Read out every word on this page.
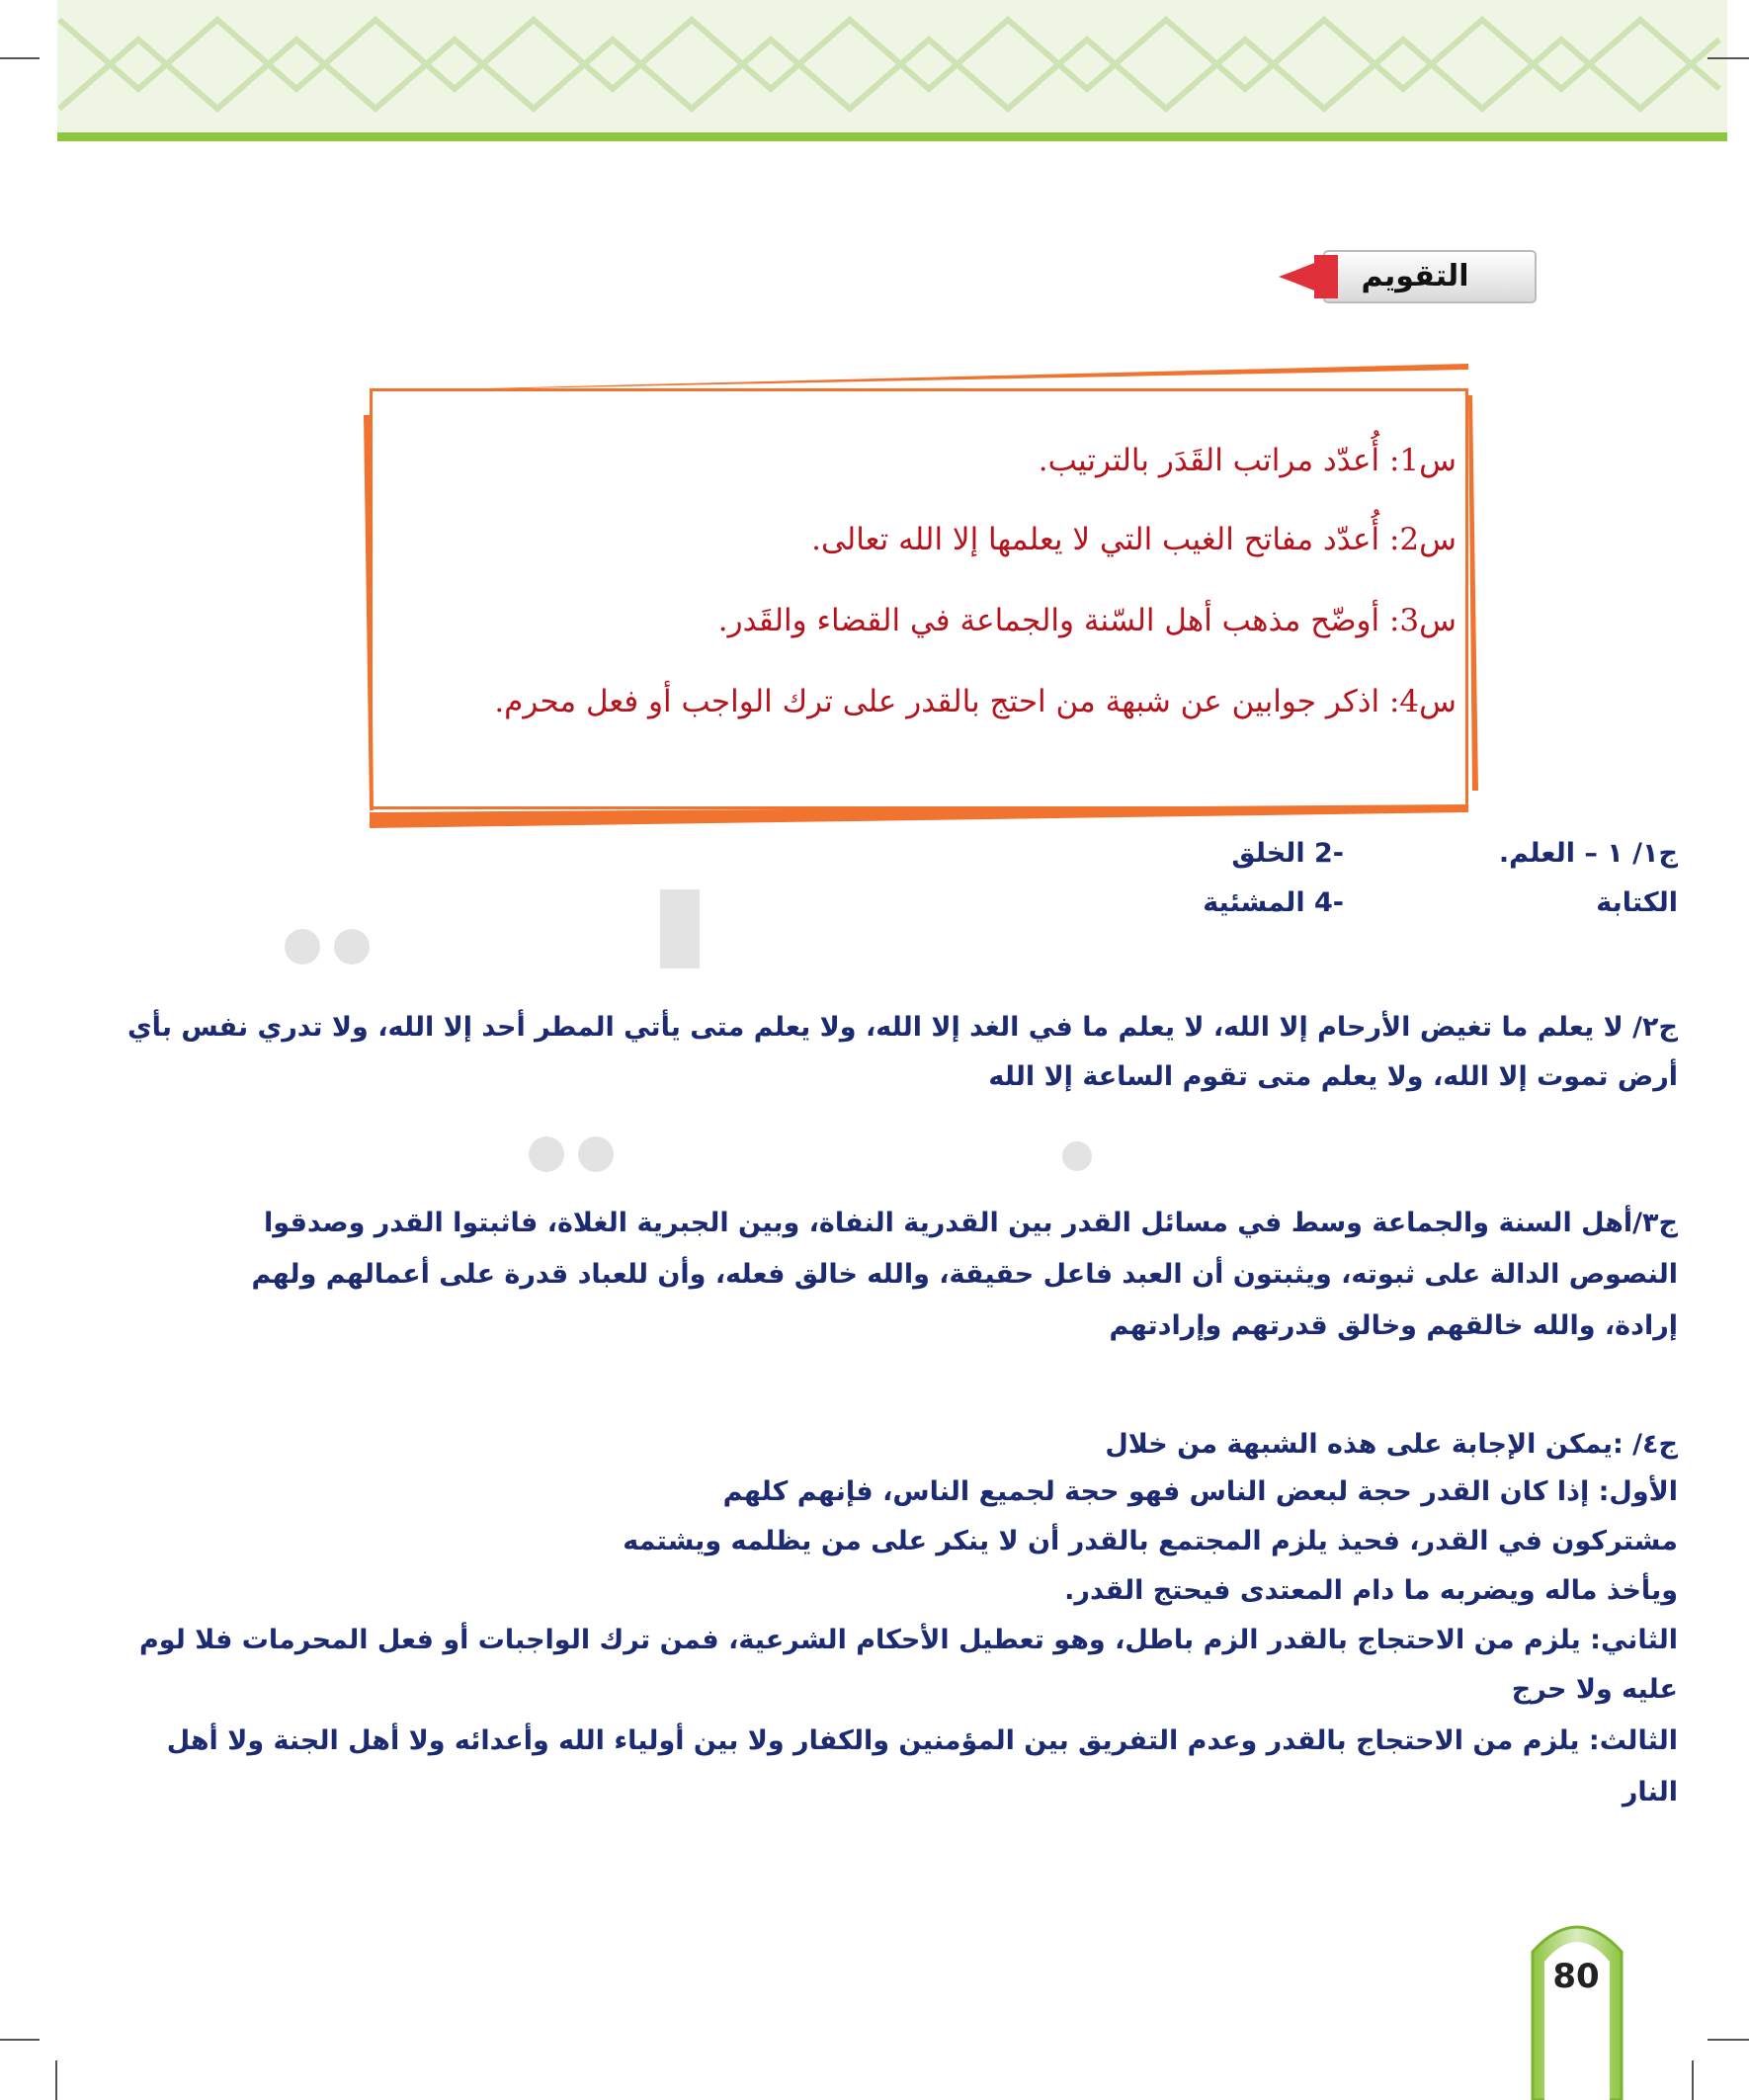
التقويم
س1: أُعدّد مراتب القَدَر بالترتيب.
س2: أُعدّد مفاتح الغيب التي لا يعلمها إلا الله تعالى.
س3: أوضّح مذهب أهل السّنة والجماعة في القضاء والقَدر.
س4: اذكر جوابين عن شبهة من احتج بالقدر على ترك الواجب أو فعل محرم.
ج١/ ١ – العلم.
-2 الخلق
الكتابة
-4 المشئية
ج٢/ لا يعلم ما تغيض الأرحام إلا الله، لا يعلم ما في الغد إلا الله، ولا يعلم متى يأتي المطر أحد إلا الله، ولا تدري نفس بأي
أرض تموت إلا الله، ولا يعلم متى تقوم الساعة إلا الله
ج٣/أهل السنة والجماعة وسط في مسائل القدر بين القدرية النفاة، وبين الجبرية الغلاة، فاثبتوا القدر وصدقوا
النصوص الدالة على ثبوته، ويثبتون أن العبد فاعل حقيقة، والله خالق فعله، وأن للعباد قدرة على أعمالهم ولهم
إرادة، والله خالقهم وخالق قدرتهم وإرادتهم
ج٤/ :يمكن الإجابة على هذه الشبهة من خلال
الأول: إذا كان القدر حجة لبعض الناس فهو حجة لجميع الناس، فإنهم كلهم
مشتركون في القدر، فحيذ يلزم المجتمع بالقدر أن لا ينكر على من يظلمه ويشتمه
ويأخذ ماله ويضربه ما دام المعتدى فيحتج القدر.
الثاني: يلزم من الاحتجاج بالقدر الزم باطل، وهو تعطيل الأحكام الشرعية، فمن ترك الواجبات أو فعل المحرمات فلا لوم
عليه ولا حرج
الثالث: يلزم من الاحتجاج بالقدر وعدم التفريق بين المؤمنين والكفار ولا بين أولياء الله وأعدائه ولا أهل الجنة ولا أهل
النار
80
